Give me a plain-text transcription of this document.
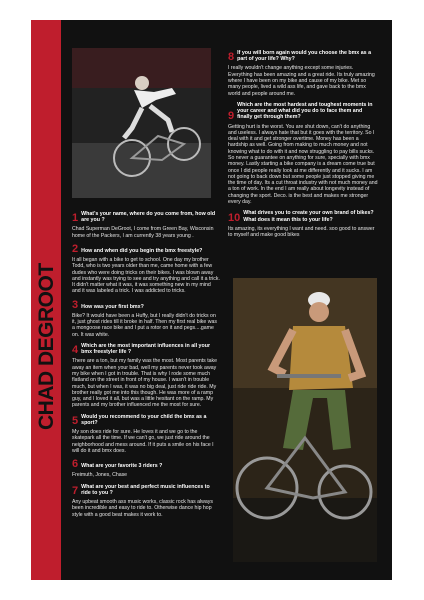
CHAD DEGROOT
1 What's your name, where do you come from, how old are you ?
Chad Superman DeGroot, I come from Green Bay, Wisconsin home of the Packers, I am currently 38 years young .
2 How and when did you begin the bmx freestyle?
It all began with a bike to get to school. One day my brother Todd, who is two years older than me, came home with a few dudes who were doing tricks on their bikes. I was blown away and instantly was trying to see and try anything and call it a trick. It didn't matter what it was, it was something new in my mind and it was labeled a trick. I was addicted to tricks.
3 How was your first bmx?
Bike? It would have been a Huffy, but I really didn't do tricks on it, just ghost rides till it broke in half. Then my first real bike was a mongoose race bike and I put a rotor on it and pegs....game on. It was white.
4 Which are the most important influences in all your bmx freestyler life ?
There are a ton, but my family was the most. Most parents take away an item when your bad, well my parents never took away my bike when I got in trouble. That is why I rode some much flatland on the street in front of my house. I wasn't in trouble much, but when I was, it was no big deal, just ride ride ride. My brother really got me into this though. He was more of a ramp guy, and I loved it all, but was a little hesitant on the ramp. My parents and my brother influenced me the most for sure.
5 Would you recommend to your child the bmx as a sport?
My son does ride for sure. He loves it and we go to the skatepark all the time. If we can't go, we just ride around the neighborhood and mess around. If it puts a smile on his face I will do it and bmx does.
6 What are your favorite 3 riders ?
Freimuth, Jones, Chase
7 What are your best and perfect music influences to ride to you ?
Any upbeat smooth ass music works, classic rock has always been incredible and easy to ride to. Otherwise dance hip hop style with a good beat makes it work to.
8 If you will born again would you choose the bmx as a part of your life? Why?
I really wouldn't change anything except some injuries. Everything has been amazing and a great ride. Its truly amazing where I have been on my bike and cause of my bike. Met so many people, lived a wild ass life, and gave back to the bmx world and people around me.
9
Which are the most hardest and toughest moments in your career and what did you do to face them and finally get through them?
Getting hurt is the worst. You are shut down, can't do anything and useless. I always hate that but it goes with the territory. So I deal with it and get stronger overtime. Money has been a hardship as well. Going from making to much money and not knowing what to do with it and now struggling to pay bills sucks. So never a guarantee on anything for sure, specially with bmx money. Lastly starting a bike company is a dream come true but once I did people really look at me differently and it sucks. I am not going to back down but some people just stopped giving me the time of day. Its a cut throat industry with not much money and a ton of work. In the end I am really about longevity instead of changing the sport. Deco. is the best and makes me stronger every day.
10 What drives you to create your own brand of bikes? What does it mean this to your life?
Its amazing, its everything I want and need. soo good to answer to myself and make good bikes
